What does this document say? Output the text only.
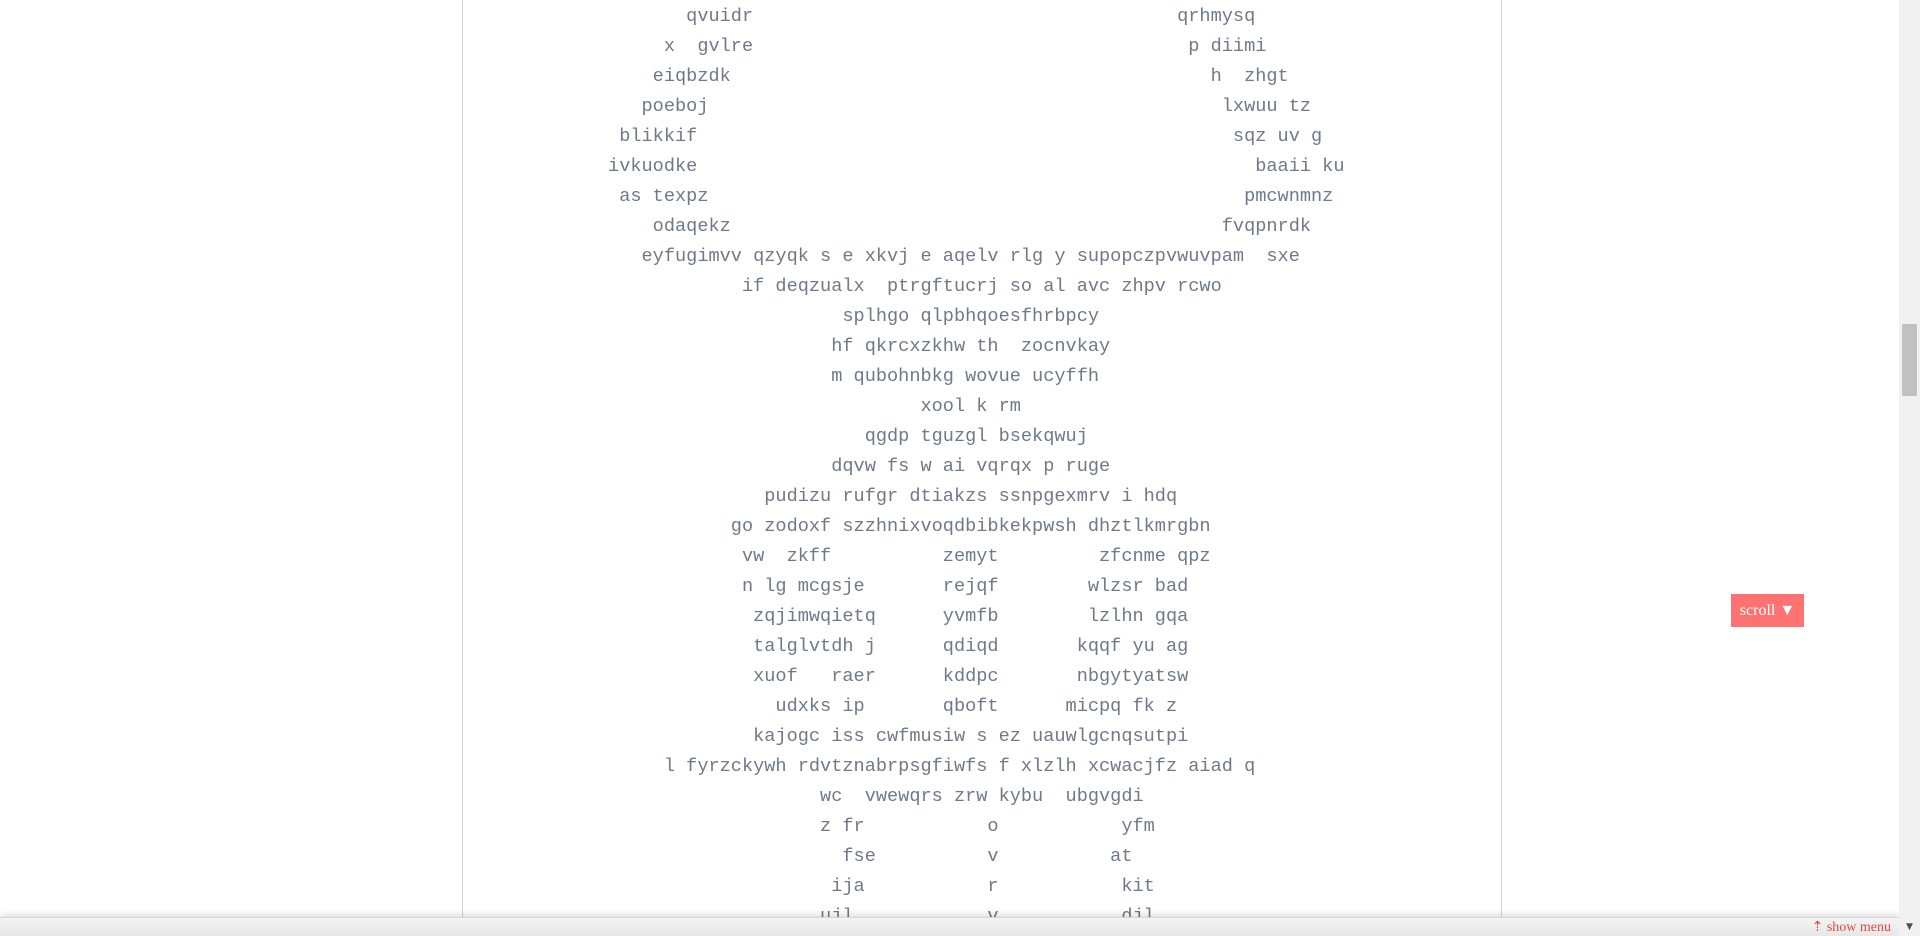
qvuidr                                      qrhmysq
x  gvlre                                       p diimi
eiqbzdk                                           h  zhgt
poeboj                                              lxwuu tz
blikkif                                                sqz uv g
ivkuodke                                                  baaii ku
as texpz                                                pmcwnmnz
odaqekz                                            fvqpnrdk
eyfugimvv qzyqk s e xkvj e aqelv rlg y supopczpvwuvpam  sxe
if deqzualx  ptrgftucrj so al avc zhpv rcwo
splhgo qlpbhqoesfhrbpcy
hf qkrcxzkhw th  zocnvkay
m qubohnbkg wovue ucyffh
xool k rm
qgdp tguzgl bsekqwuj
dqvw fs w ai vqrqx p ruge
pudizu rufgr dtiakzs ssnpgexmrv i hdq
go zodoxf szzhnixvoqdbibkekpwsh dhztlkmrgbn
vw  zkff          zemyt         zfcnme qpz
n lg mcgsje       rejqf        wlzsr bad
zqjimwqietq      yvmfb        lzlhn gqa
talglvtdh j      qdiqd       kqqf yu ag
xuof   raer      kddpc       nbgytyatsw
udxks ip       qboft      micpq fk z
kajogc iss cwfmusiw s ez uauwlgcnqsutpi
l fyrzckywh rdvtznabrpsgfiwfs f xlzlh xcwacjfz aiad q
wc  vwewqrs zrw kybu  ubgvgdi
z fr           o           yfm
fse          v          at
ija           r           kit
scroll ▼
⇡ show menu	▼
